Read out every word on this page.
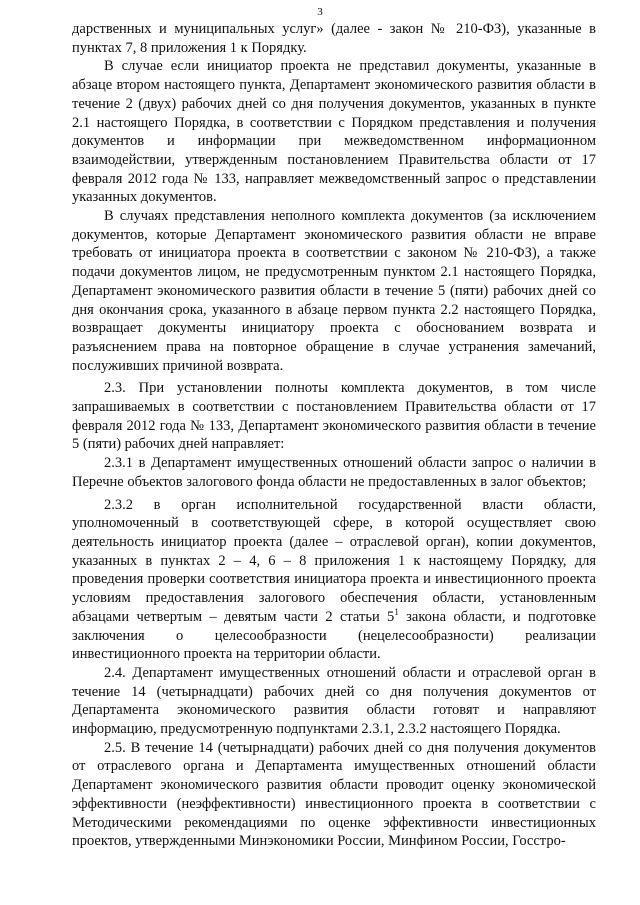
3

дарственных и муниципальных услуг» (далее - закон № 210-ФЗ), указанные в пунктах 7, 8 приложения 1 к Порядку.

В случае если инициатор проекта не представил документы, указанные в абзаце втором настоящего пункта, Департамент экономического развития области в течение 2 (двух) рабочих дней со дня получения документов, указанных в пункте 2.1 настоящего Порядка, в соответствии с Порядком представления и получения документов и информации при межведомственном информационном взаимодействии, утвержденным постановлением Правительства области от 17 февраля 2012 года № 133, направляет межведомственный запрос о представлении указанных документов.

В случаях представления неполного комплекта документов (за исключением документов, которые Департамент экономического развития области не вправе требовать от инициатора проекта в соответствии с законом № 210-ФЗ), а также подачи документов лицом, не предусмотренным пунктом 2.1 настоящего Порядка, Департамент экономического развития области в течение 5 (пяти) рабочих дней со дня окончания срока, указанного в абзаце первом пункта 2.2 настоящего Порядка, возвращает документы инициатору проекта с обоснованием возврата и разъяснением права на повторное обращение в случае устранения замечаний, послуживших причиной возврата.

2.3. При установлении полноты комплекта документов, в том числе запрашиваемых в соответствии с постановлением Правительства области от 17 февраля 2012 года № 133, Департамент экономического развития области в течение 5 (пяти) рабочих дней направляет:

2.3.1 в Департамент имущественных отношений области запрос о наличии в Перечне объектов залогового фонда области не предоставленных в залог объектов;

2.3.2 в орган исполнительной государственной власти области, уполномоченный в соответствующей сфере, в которой осуществляет свою деятельность инициатор проекта (далее – отраслевой орган), копии документов, указанных в пунктах 2 – 4, 6 – 8 приложения 1 к настоящему Порядку, для проведения проверки соответствия инициатора проекта и инвестиционного проекта условиям предоставления залогового обеспечения области, установленным абзацами четвертым – девятым части 2 статьи $5^1$ закона области, и подготовке заключения о целесообразности (нецелесообразности) реализации инвестиционного проекта на территории области.

2.4. Департамент имущественных отношений области и отраслевой орган в течение 14 (четырнадцати) рабочих дней со дня получения документов от Департамента экономического развития области готовят и направляют информацию, предусмотренную подпунктами 2.3.1, 2.3.2 настоящего Порядка.

2.5. В течение 14 (четырнадцати) рабочих дней со дня получения документов от отраслевого органа и Департамента имущественных отношений области Департамент экономического развития области проводит оценку экономической эффективности (неэффективности) инвестиционного проекта в соответствии с Методическими рекомендациями по оценке эффективности инвестиционных проектов, утвержденными Минэкономики России, Минфином России, Госстро-
